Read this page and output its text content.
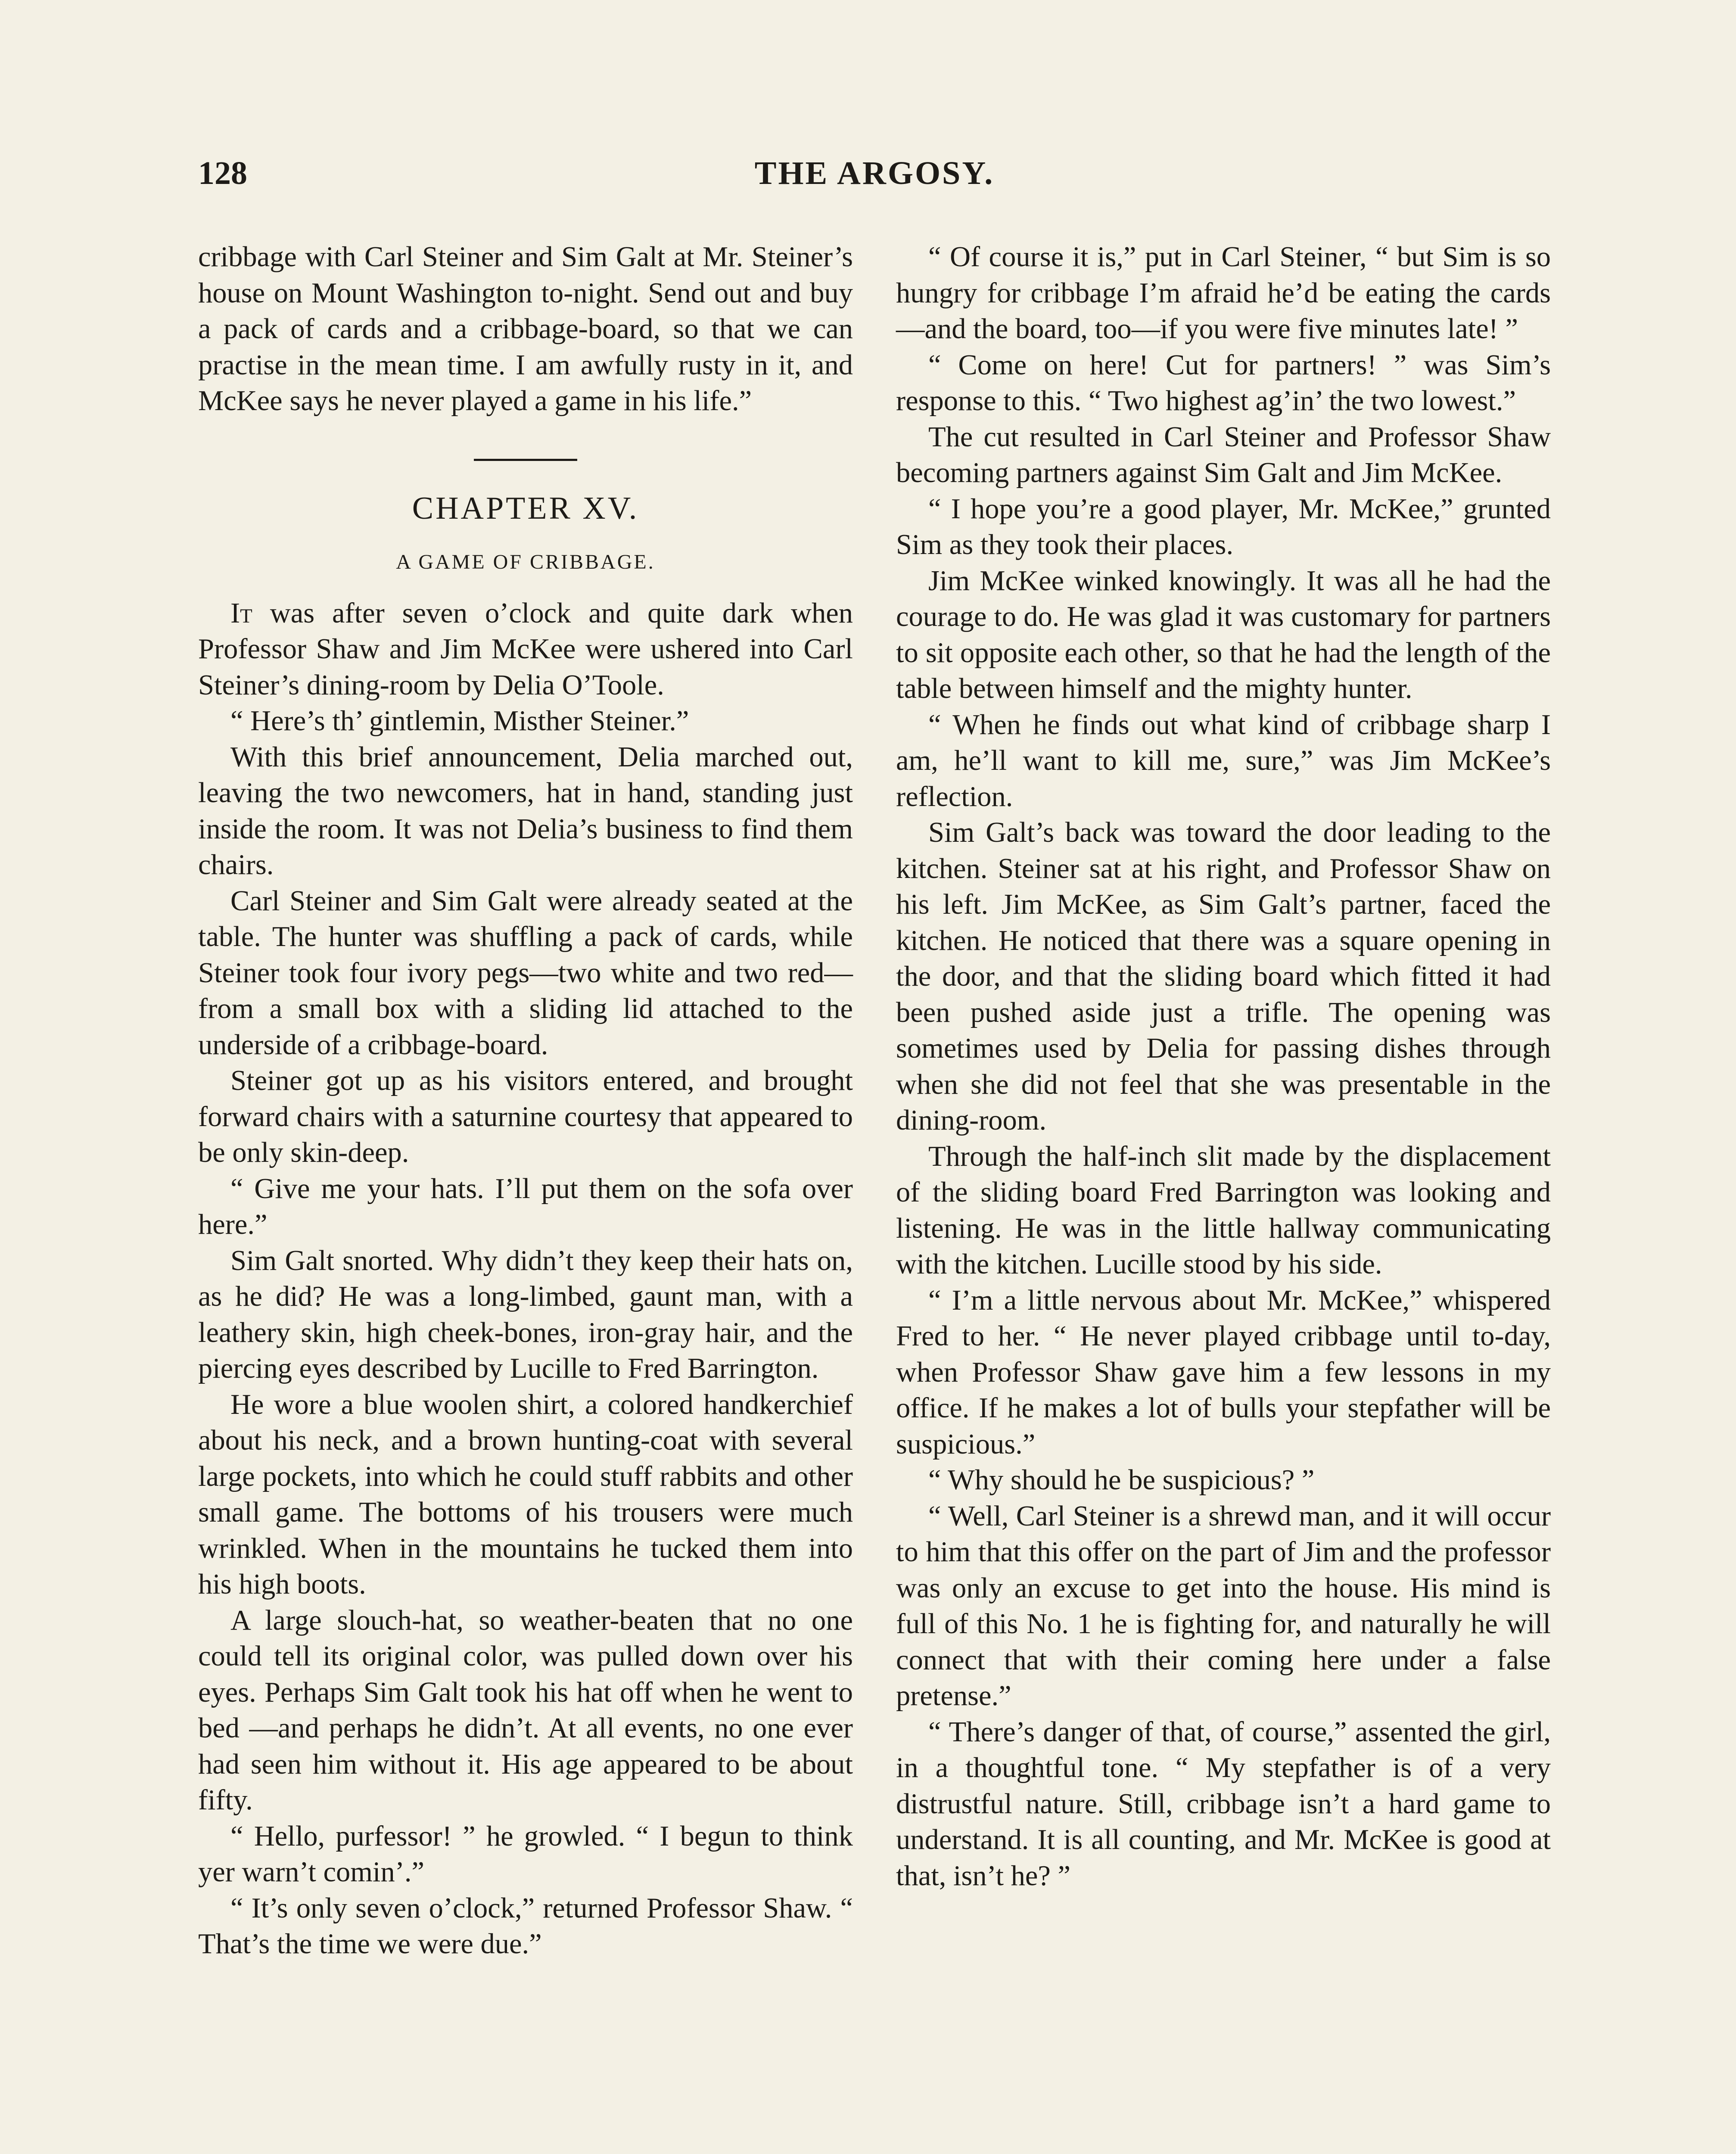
128	THE ARGOSY.

cribbage with Carl Steiner and Sim Galt at Mr. Steiner’s house on Mount Washington to-night. Send out and buy a pack of cards and a cribbage-board, so that we can practise in the mean time. I am awfully rusty in it, and McKee says he never played a game in his life.”

CHAPTER XV.
A GAME OF CRIBBAGE.

It was after seven o’clock and quite dark when Professor Shaw and Jim McKee were ushered into Carl Steiner’s dining-room by Delia O’Toole.

“ Here’s th’ gintlemin, Misther Steiner.”

With this brief announcement, Delia marched out, leaving the two newcomers, hat in hand, standing just inside the room. It was not Delia’s business to find them chairs.

Carl Steiner and Sim Galt were already seated at the table. The hunter was shuffling a pack of cards, while Steiner took four ivory pegs—two white and two red—from a small box with a sliding lid attached to the underside of a cribbage-board.

Steiner got up as his visitors entered, and brought forward chairs with a saturnine courtesy that appeared to be only skin-deep.

“ Give me your hats. I’ll put them on the sofa over here.”

Sim Galt snorted. Why didn’t they keep their hats on, as he did? He was a long-limbed, gaunt man, with a leathery skin, high cheek-bones, iron-gray hair, and the piercing eyes described by Lucille to Fred Barrington.

He wore a blue woolen shirt, a colored handkerchief about his neck, and a brown hunting-coat with several large pockets, into which he could stuff rabbits and other small game. The bottoms of his trousers were much wrinkled. When in the mountains he tucked them into his high boots.

A large slouch-hat, so weather-beaten that no one could tell its original color, was pulled down over his eyes. Perhaps Sim Galt took his hat off when he went to bed —and perhaps he didn’t. At all events, no one ever had seen him without it. His age appeared to be about fifty.

“ Hello, purfessor! ” he growled. “ I begun to think yer warn’t comin’.”

“ It’s only seven o’clock,” returned Professor Shaw. “ That’s the time we were due.”

“ Of course it is,” put in Carl Steiner, “ but Sim is so hungry for cribbage I’m afraid he’d be eating the cards—and the board, too—if you were five minutes late! ”

“ Come on here! Cut for partners! ” was Sim’s response to this. “ Two highest ag’in’ the two lowest.”

The cut resulted in Carl Steiner and Professor Shaw becoming partners against Sim Galt and Jim McKee.

“ I hope you’re a good player, Mr. McKee,” grunted Sim as they took their places.

Jim McKee winked knowingly. It was all he had the courage to do. He was glad it was customary for partners to sit opposite each other, so that he had the length of the table between himself and the mighty hunter.

“ When he finds out what kind of cribbage sharp I am, he’ll want to kill me, sure,” was Jim McKee’s reflection.

Sim Galt’s back was toward the door leading to the kitchen. Steiner sat at his right, and Professor Shaw on his left. Jim McKee, as Sim Galt’s partner, faced the kitchen. He noticed that there was a square opening in the door, and that the sliding board which fitted it had been pushed aside just a trifle. The opening was sometimes used by Delia for passing dishes through when she did not feel that she was presentable in the dining-room.

Through the half-inch slit made by the displacement of the sliding board Fred Barrington was looking and listening. He was in the little hallway communicating with the kitchen. Lucille stood by his side.

“ I’m a little nervous about Mr. McKee,” whispered Fred to her. “ He never played cribbage until to-day, when Professor Shaw gave him a few lessons in my office. If he makes a lot of bulls your stepfather will be suspicious.”

“ Why should he be suspicious? ”

“ Well, Carl Steiner is a shrewd man, and it will occur to him that this offer on the part of Jim and the professor was only an excuse to get into the house. His mind is full of this No. 1 he is fighting for, and naturally he will connect that with their coming here under a false pretense.”

“ There’s danger of that, of course,” assented the girl, in a thoughtful tone. “ My stepfather is of a very distrustful nature. Still, cribbage isn’t a hard game to understand. It is all counting, and Mr. McKee is good at that, isn’t he? ”
